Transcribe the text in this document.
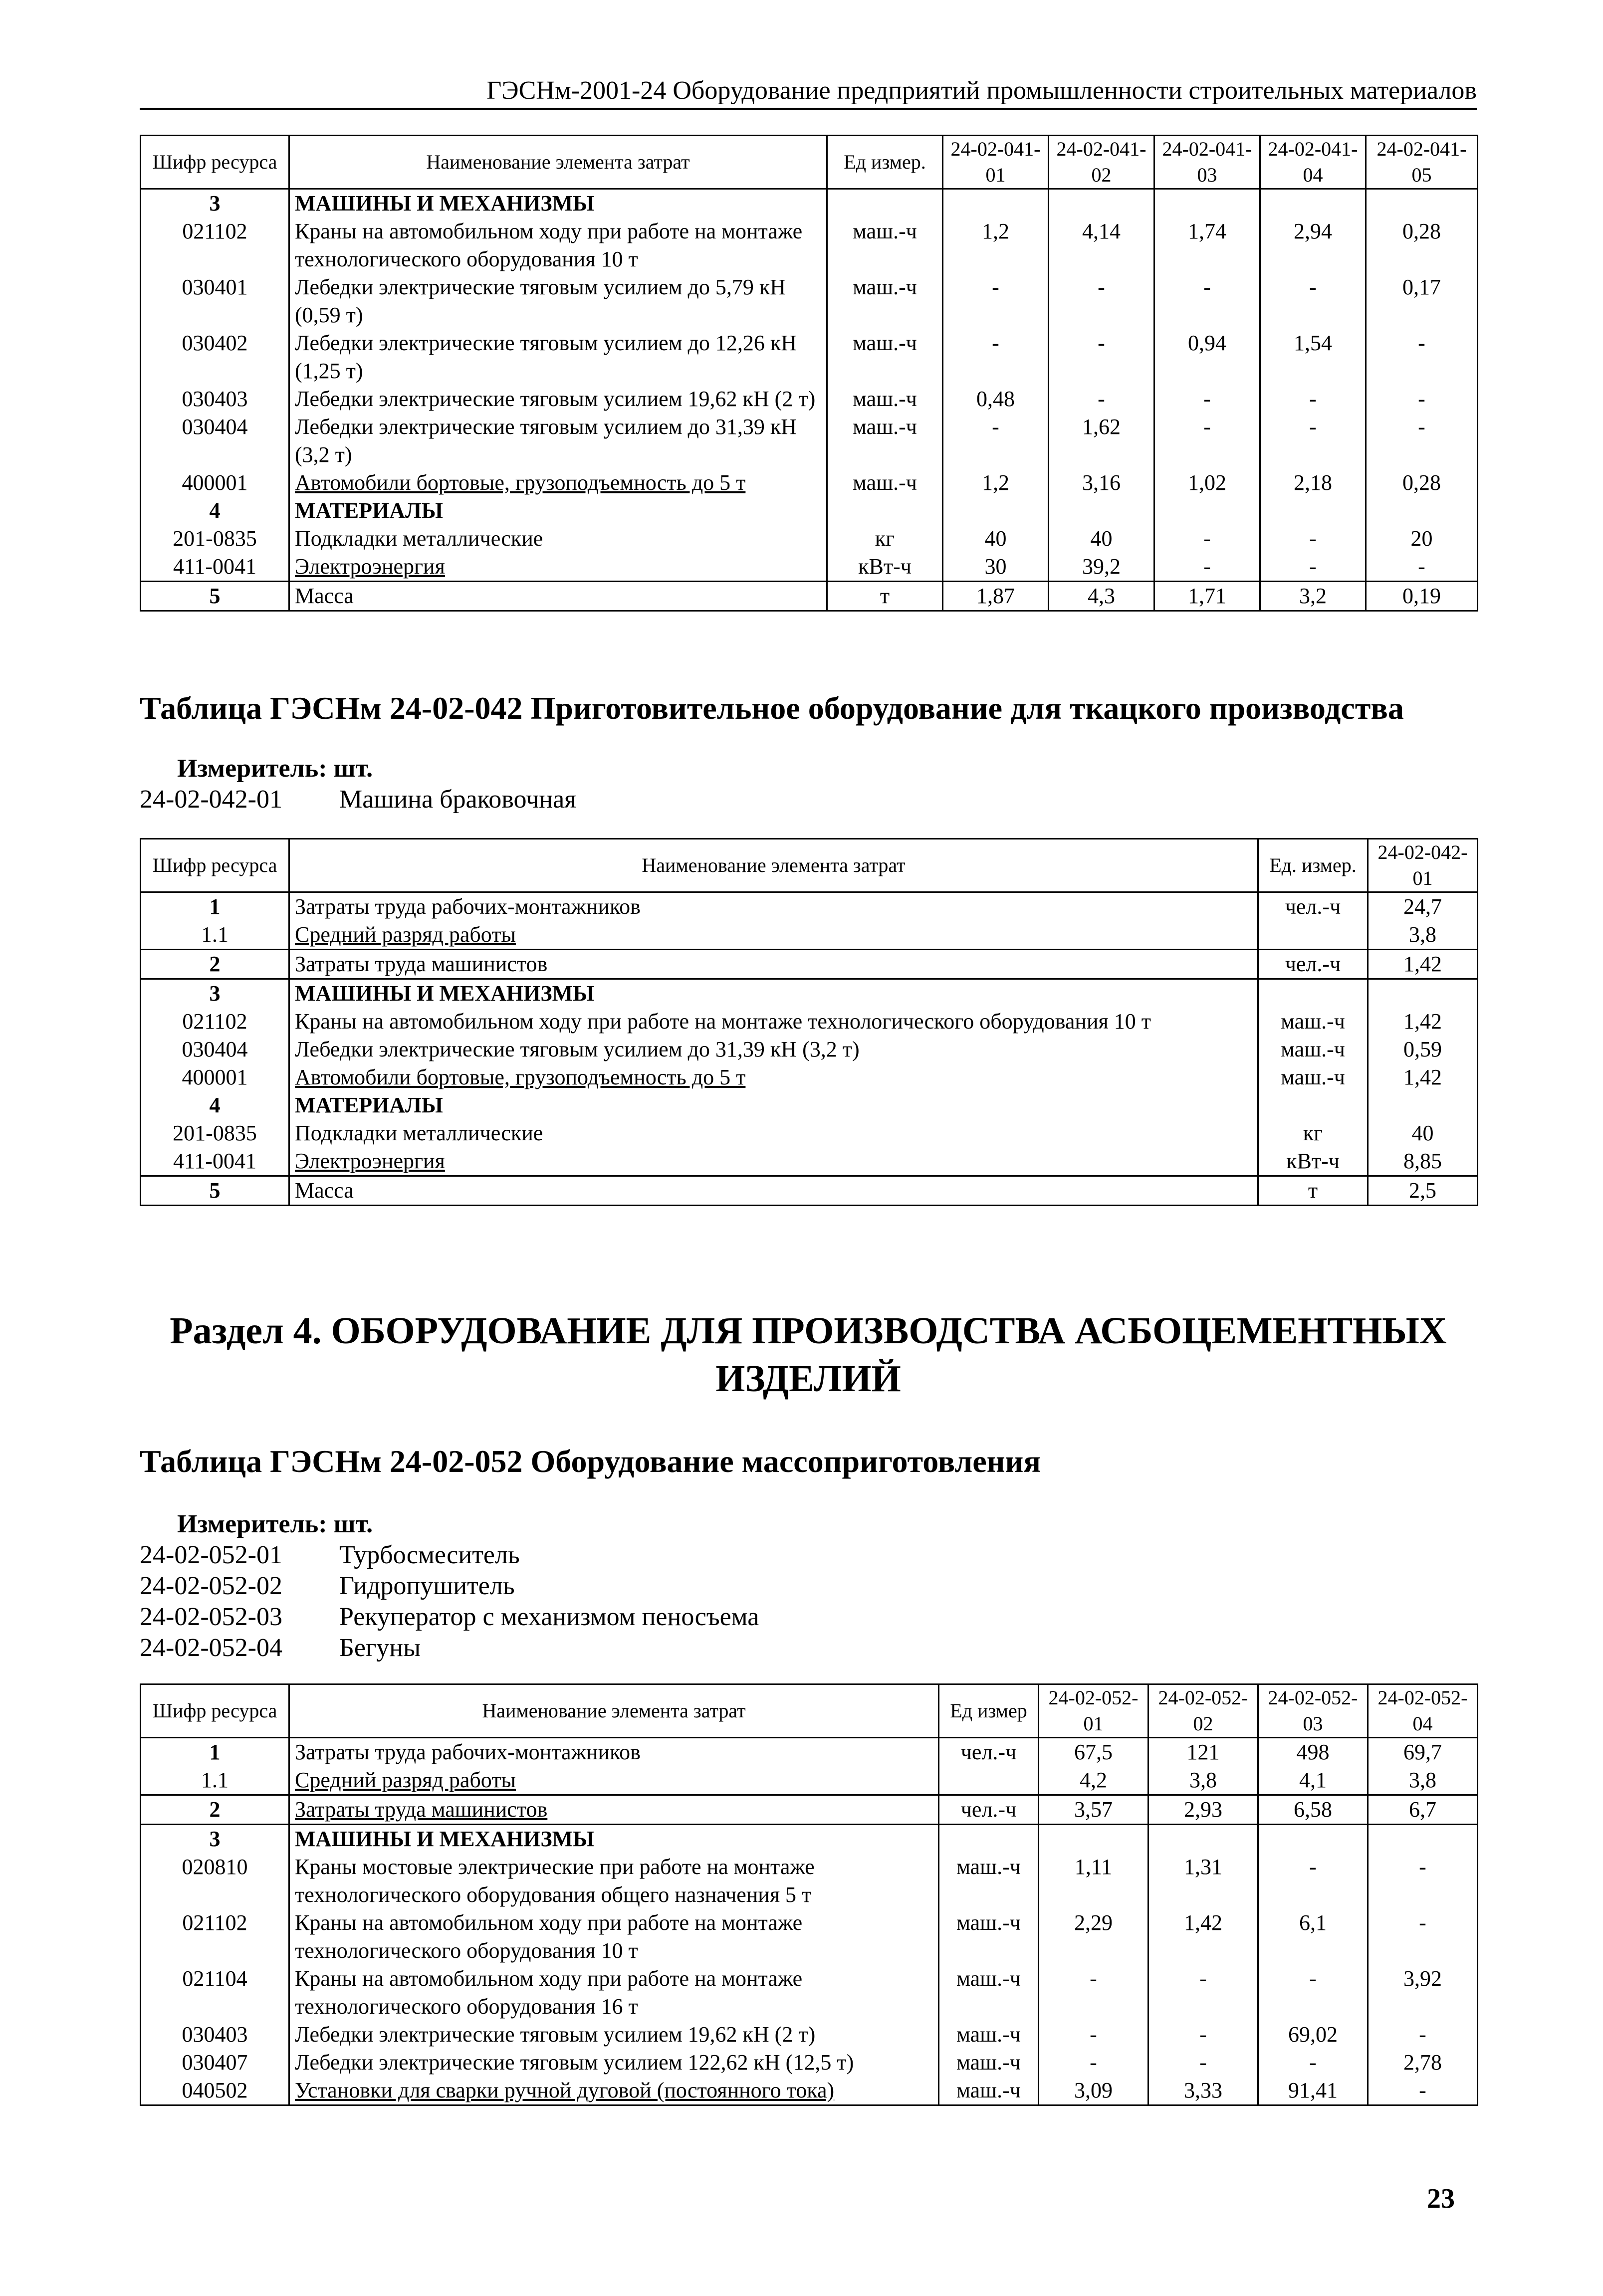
ГЭСНм-2001-24 Оборудование предприятий промышленности строительных материалов
Шифр ресурса	Наименование элемента затрат	Ед измер.	24-02-041-01	24-02-041-02	24-02-041-03	24-02-041-04	24-02-041-05
3	МАШИНЫ И МЕХАНИЗМЫ						
021102	Краны на автомобильном ходу при работе на монтаже технологического оборудования 10 т	маш.-ч	1,2	4,14	1,74	2,94	0,28
030401	Лебедки электрические тяговым усилием до 5,79 кН (0,59 т)	маш.-ч	-	-	-	-	0,17
030402	Лебедки электрические тяговым усилием до 12,26 кН (1,25 т)	маш.-ч	-	-	0,94	1,54	-
030403	Лебедки электрические тяговым усилием 19,62 кН (2 т)	маш.-ч	0,48	-	-	-	-
030404	Лебедки электрические тяговым усилием до 31,39 кН (3,2 т)	маш.-ч	-	1,62	-	-	-
400001	Автомобили бортовые, грузоподъемность до 5 т	маш.-ч	1,2	3,16	1,02	2,18	0,28
4	МАТЕРИАЛЫ						
201-0835	Подкладки металлические	кг	40	40	-	-	20
411-0041	Электроэнергия	кВт-ч	30	39,2	-	-	-
5	Масса	т	1,87	4,3	1,71	3,2	0,19
Таблица ГЭСНм 24-02-042 Приготовительное оборудование для ткацкого производства
Измеритель: шт.
24-02-042-01 Машина браковочная
Шифр ресурса	Наименование элемента затрат	Ед. измер.	24-02-042-01
1	Затраты труда рабочих-монтажников	чел.-ч	24,7
1.1	Средний разряд работы		3,8
2	Затраты труда машинистов	чел.-ч	1,42
3	МАШИНЫ И МЕХАНИЗМЫ		
021102	Краны на автомобильном ходу при работе на монтаже технологического оборудования 10 т	маш.-ч	1,42
030404	Лебедки электрические тяговым усилием до 31,39 кН (3,2 т)	маш.-ч	0,59
400001	Автомобили бортовые, грузоподъемность до 5 т	маш.-ч	1,42
4	МАТЕРИАЛЫ		
201-0835	Подкладки металлические	кг	40
411-0041	Электроэнергия	кВт-ч	8,85
5	Масса	т	2,5
Раздел 4. ОБОРУДОВАНИЕ ДЛЯ ПРОИЗВОДСТВА АСБОЦЕМЕНТНЫХ
ИЗДЕЛИЙ
Таблица ГЭСНм 24-02-052 Оборудование массоприготовления
Измеритель: шт.
24-02-052-01 Турбосмеситель
24-02-052-02 Гидропушитель
24-02-052-03 Рекуператор с механизмом пеносъема
24-02-052-04 Бегуны
Шифр ресурса	Наименование элемента затрат	Ед измер	24-02-052-01	24-02-052-02	24-02-052-03	24-02-052-04
1	Затраты труда рабочих-монтажников	чел.-ч	67,5	121	498	69,7
1.1	Средний разряд работы		4,2	3,8	4,1	3,8
2	Затраты труда машинистов	чел.-ч	3,57	2,93	6,58	6,7
3	МАШИНЫ И МЕХАНИЗМЫ					
020810	Краны мостовые электрические при работе на монтаже технологического оборудования общего назначения 5 т	маш.-ч	1,11	1,31	-	-
021102	Краны на автомобильном ходу при работе на монтаже технологического оборудования 10 т	маш.-ч	2,29	1,42	6,1	-
021104	Краны на автомобильном ходу при работе на монтаже технологического оборудования 16 т	маш.-ч	-	-	-	3,92
030403	Лебедки электрические тяговым усилием 19,62 кН (2 т)	маш.-ч	-	-	69,02	-
030407	Лебедки электрические тяговым усилием 122,62 кН (12,5 т)	маш.-ч	-	-	-	2,78
040502	Установки для сварки ручной дуговой (постоянного тока)	маш.-ч	3,09	3,33	91,41	-
23
